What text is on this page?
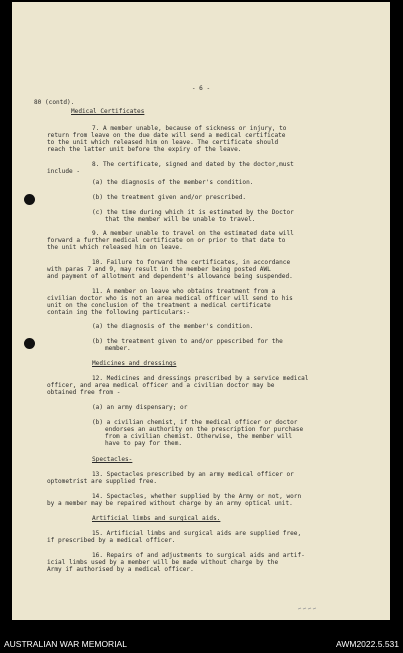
- 6 -
80 (contd).
Medical Certificates
7. A member unable, because of sickness or injury, to
return from leave on the due date will send a medical certificate
to the unit which released him on leave. The certificate should
reach the latter unit before the expiry of the leave.
8. The certificate, signed and dated by the doctor,must
include -
(a) the diagnosis of the member's condition.
(b) the treatment given and/or prescribed.
(c) the time during which it is estimated by the Doctor
that the member will be unable to travel.
9. A member unable to travel on the estimated date will
forward a further medical certificate on or prior to that date to
the unit which released him on leave.
10. Failure to forward the certificates, in accordance
with paras 7 and 9, may result in the member being posted AWL
and payment of allotment and dependent's allowance being suspended.
11. A member on leave who obtains treatment from a
civilian doctor who is not an area medical officer will send to his
unit on the conclusion of the treatment a medical certificate
contain ing the following particulars:-
(a) the diagnosis of the member's condition.
(b) the treatment given to and/or ppescribed for the
member.
Medicines and dressings
12. Medicines and dressings prescribed by a service medical
officer, and area medical officer and a civilian doctor may be
obtained free from -
(a) an army dispensary; or
(b) a civilian chemist, if the medical officer or doctor
endorses an authority on the prescription for purchase
from a civilian chemist. Otherwise, the member will
have to pay for them.
Spectacles-
13. Spectacles prescribed by an army medical officer or
optometrist are supplied free.
14. Spectacles, whether supplied by the Army or not, worn
by a member may be repaired without charge by an army optical unit.
Artificial limbs and surgical aids.
15. Artificial limbs and surgical aids are supplied free,
if prescribed by a medical officer.
16. Repairs of and adjustments to surgical aids and artif-
icial limbs used by a member will be made without charge by the
Army if authorised by a medical officer.
AUSTRALIAN WAR MEMORIAL	AWM2022.5.531
